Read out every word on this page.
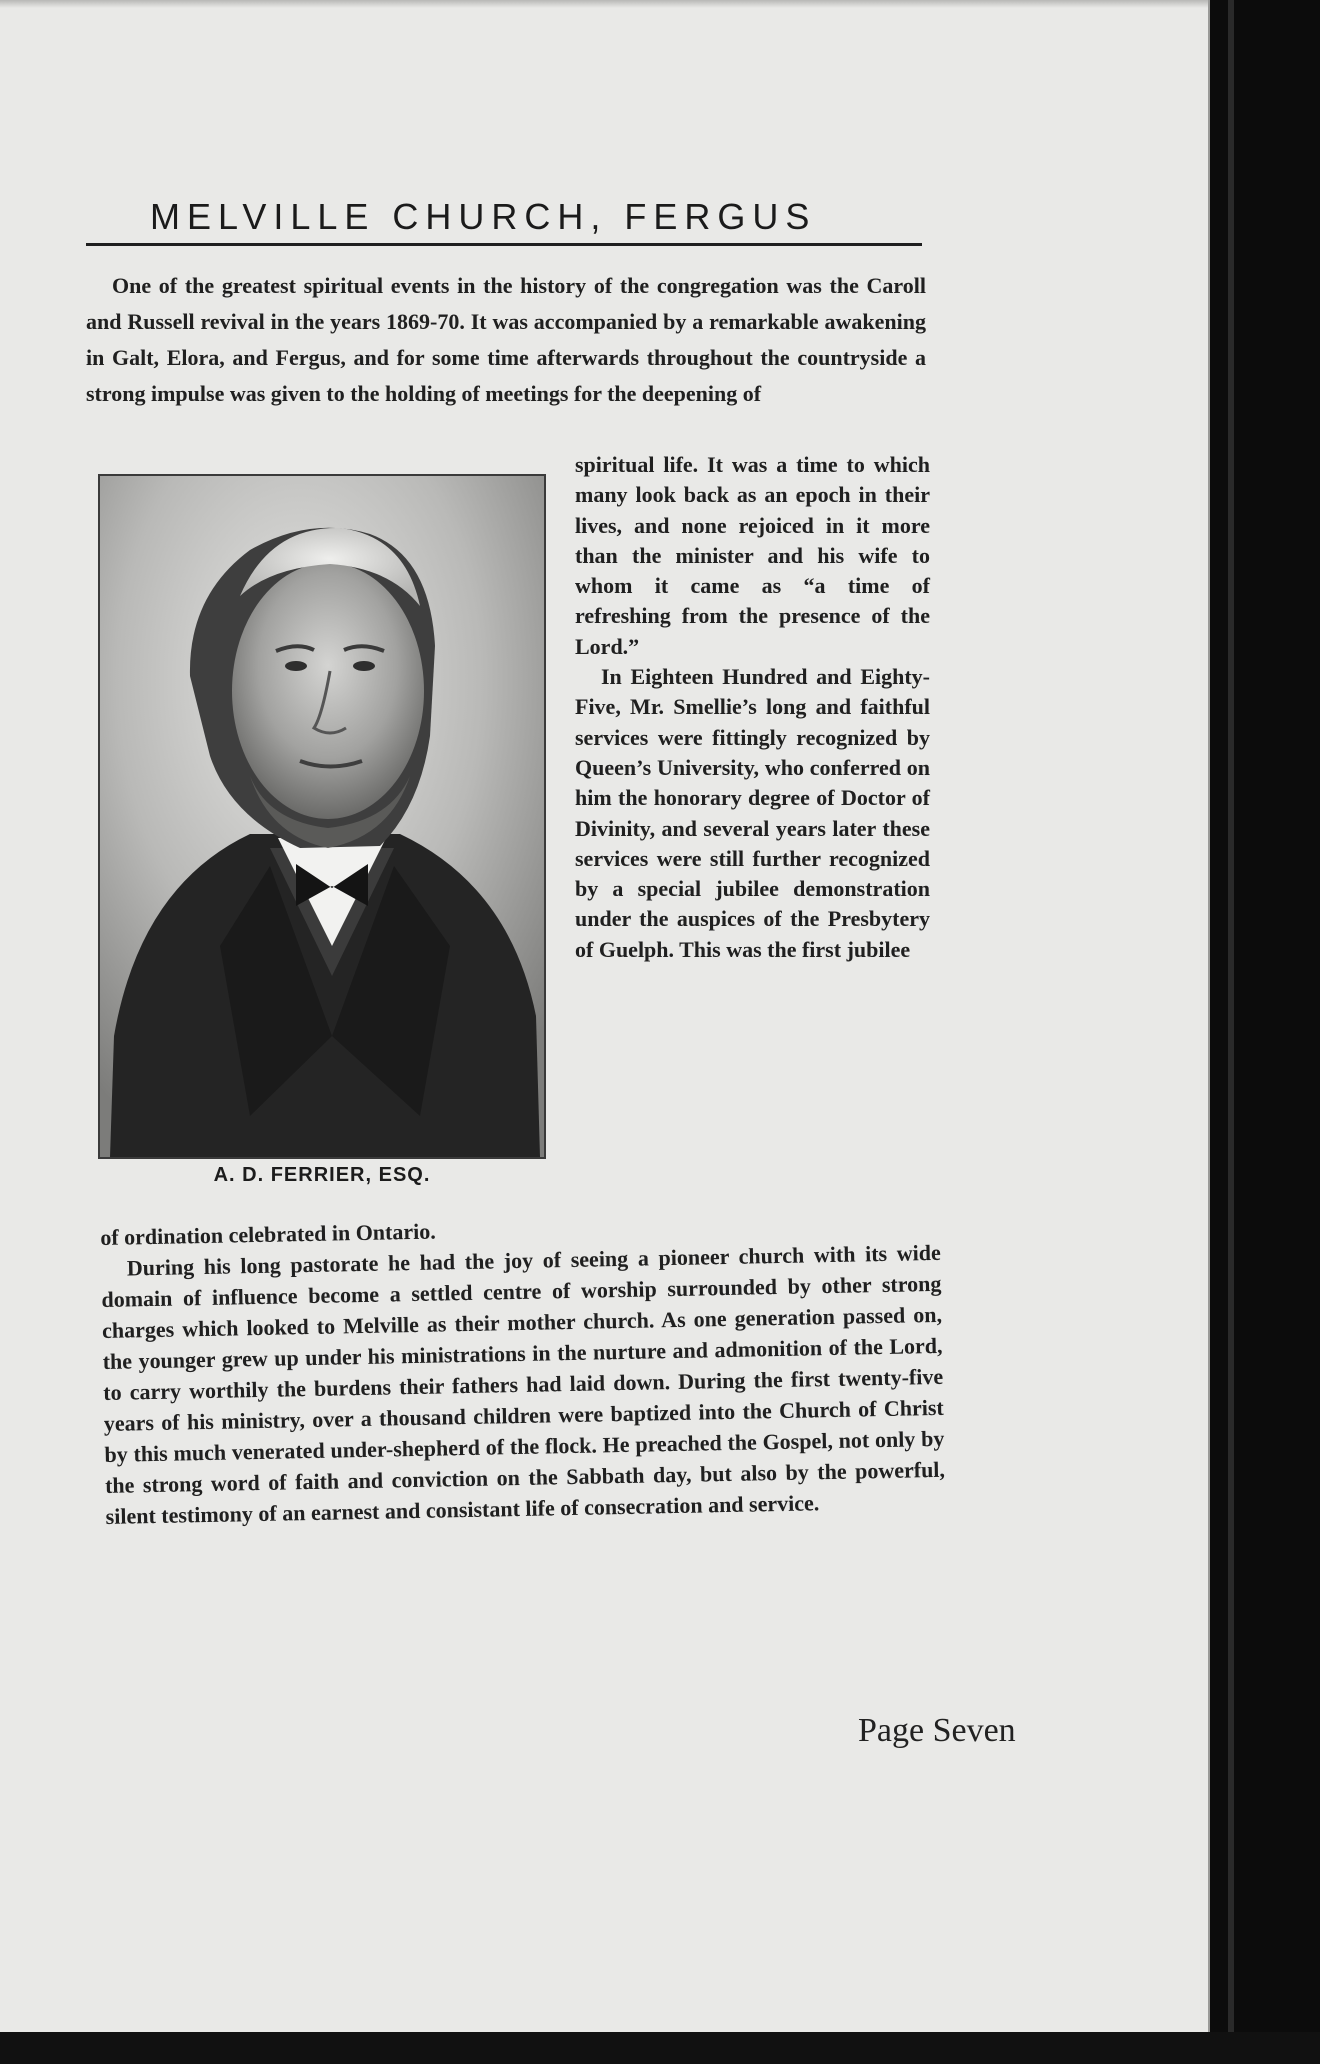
MELVILLE CHURCH, FERGUS

One of the greatest spiritual events in the history of the congregation was the Caroll and Russell revival in the years 1869-70. It was accompanied by a remarkable awakening in Galt, Elora, and Fergus, and for some time afterwards throughout the countryside a strong impulse was given to the holding of meetings for the deepening of

A. D. FERRIER, ESQ.

spiritual life. It was a time to which many look back as an epoch in their lives, and none rejoiced in it more than the minister and his wife to whom it came as “a time of refreshing from the presence of the Lord.”

In Eighteen Hundred and Eighty-Five, Mr. Smellie’s long and faithful services were fittingly recognized by Queen’s University, who conferred on him the honorary degree of Doctor of Divinity, and several years later these services were still further recognized by a special jubilee demonstration under the auspices of the Presbytery of Guelph. This was the first jubilee

of ordination celebrated in Ontario.

During his long pastorate he had the joy of seeing a pioneer church with its wide domain of influence become a settled centre of worship surrounded by other strong charges which looked to Melville as their mother church. As one generation passed on, the younger grew up under his ministrations in the nurture and admonition of the Lord, to carry worthily the burdens their fathers had laid down. During the first twenty-five years of his ministry, over a thousand children were baptized into the Church of Christ by this much venerated under-shepherd of the flock. He preached the Gospel, not only by the strong word of faith and conviction on the Sabbath day, but also by the powerful, silent testimony of an earnest and consistant life of consecration and service.

Page Seven
